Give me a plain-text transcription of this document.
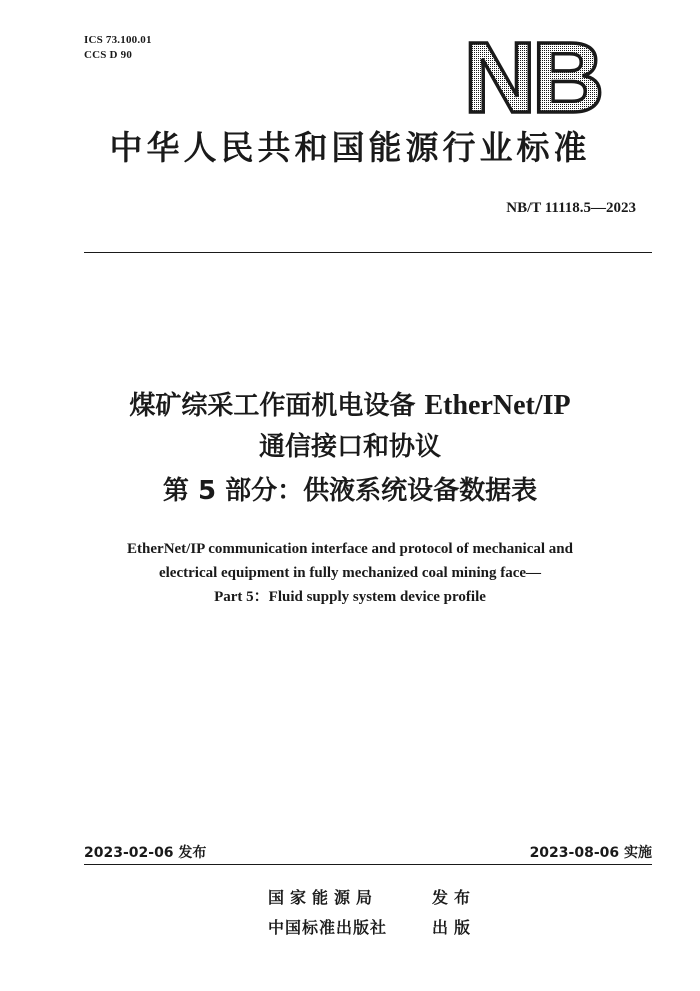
ICS 73.100.01
CCS D 90	NB
中华人民共和国能源行业标准
NB/T 11118.5—2023
煤矿综采工作面机电设备 EtherNet/IP
通信接口和协议
第 5 部分：供液系统设备数据表
EtherNet/IP communication interface and protocol of mechanical and
electrical equipment in fully mechanized coal mining face—
Part 5：Fluid supply system device profile
2023-02-06 发布	2023-08-06 实施
国家能源局	发布
中国标准出版社	出版
